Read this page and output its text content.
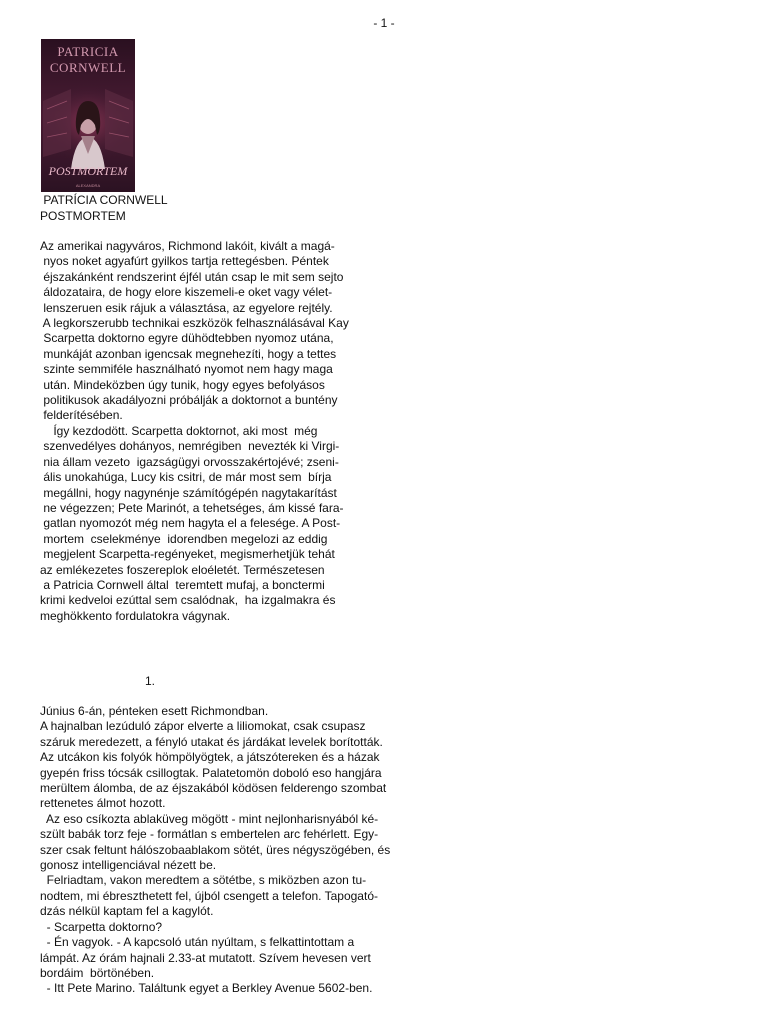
- 1 -
PATRICIA
CORNWELL
POSTMORTEM
ALEXANDRA
PATRÍCIA CORNWELL
POSTMORTEM
Az amerikai nagyváros, Richmond lakóit, kivált a magá-
nyos noket agyafúrt gyilkos tartja rettegésben. Péntek
éjszakánként rendszerint éjfél után csap le mit sem sejto
áldozataira, de hogy elore kiszemeli-e oket vagy vélet-
lenszeruen esik rájuk a választása, az egyelore rejtély.
A legkorszerubb technikai eszközök felhasználásával Kay
Scarpetta doktorno egyre dühödtebben nyomoz utána,
munkáját azonban igencsak megnehezíti, hogy a tettes
szinte semmiféle használható nyomot nem hagy maga
után. Mindeközben úgy tunik, hogy egyes befolyásos
politikusok akadályozni próbálják a doktornot a buntény
felderítésében.
Így kezdodött. Scarpetta doktornot, aki most  még
szenvedélyes dohányos, nemrégiben  nevezték ki Virgi-
nia állam vezeto  igazságügyi orvosszakértojévé; zseni-
ális unokahúga, Lucy kis csitri, de már most sem  bírja
megállni, hogy nagynénje számítógépén nagytakarítást
ne végezzen; Pete Marinót, a tehetséges, ám kissé fara-
gatlan nyomozót még nem hagyta el a felesége. A Post-
mortem  cselekménye  idorendben megelozi az eddig
megjelent Scarpetta-regényeket, megismerhetjük tehát
az emlékezetes foszereplok eloéletét. Természetesen
a Patricia Cornwell által  teremtett mufaj, a bonctermi
krimi kedveloi ezúttal sem csalódnak,  ha izgalmakra és
meghökkento fordulatokra vágynak.
1.
Június 6-án, pénteken esett Richmondban.
A hajnalban lezúduló zápor elverte a liliomokat, csak csupasz
száruk meredezett, a fényló utakat és járdákat levelek borították.
Az utcákon kis folyók hömpölyögtek, a játszótereken és a házak
gyepén friss tócsák csillogtak. Palatetomön doboló eso hangjára
merültem álomba, de az éjszakából ködösen felderengo szombat
rettenetes álmot hozott.
Az eso csíkozta ablaküveg mögött - mint nejlonharisnyából ké-
szült babák torz feje - formátlan s embertelen arc fehérlett. Egy-
szer csak feltunt hálószobaablakom sötét, üres négyszögében, és
gonosz intelligenciával nézett be.
Felriadtam, vakon meredtem a sötétbe, s miközben azon tu-
nodtem, mi ébreszthetett fel, újból csengett a telefon. Tapogató-
dzás nélkül kaptam fel a kagylót.
- Scarpetta doktorno?
- Én vagyok. - A kapcsoló után nyúltam, s felkattintottam a
lámpát. Az órám hajnali 2.33-at mutatott. Szívem hevesen vert
bordáim  börtönében.
- Itt Pete Marino. Találtunk egyet a Berkley Avenue 5602-ben.
